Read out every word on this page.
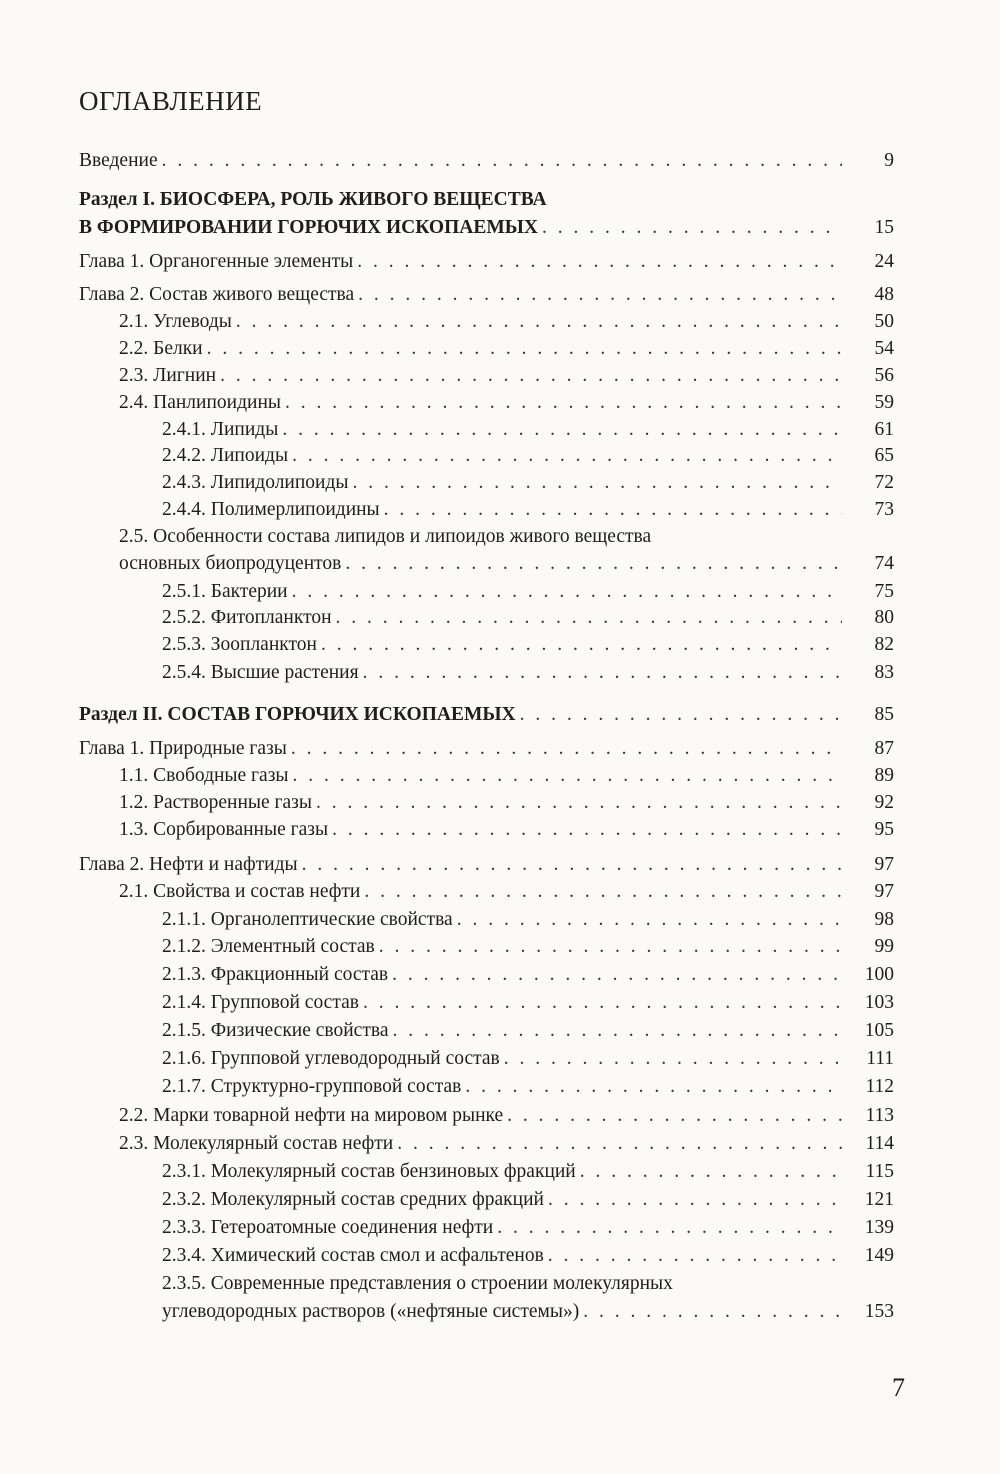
ОГЛАВЛЕНИЕ
Введение . . .	9
Раздел I. БИОСФЕРА, РОЛЬ ЖИВОГО ВЕЩЕСТВА
В ФОРМИРОВАНИИ ГОРЮЧИХ ИСКОПАЕМЫХ . . .	15
Глава 1. Органогенные элементы . . .	24
Глава 2. Состав живого вещества . . .	48
2.1. Углеводы . . .	50
2.2. Белки . . .	54
2.3. Лигнин . . .	56
2.4. Панлипоидины . . .	59
2.4.1. Липиды . . .	61
2.4.2. Липоиды . . .	65
2.4.3. Липидолипоиды . . .	72
2.4.4. Полимерлипоидины . . .	73
2.5. Особенности состава липидов и липоидов живого вещества
основных биопродуцентов . . .	74
2.5.1. Бактерии . . .	75
2.5.2. Фитопланктон . . .	80
2.5.3. Зоопланктон . . .	82
2.5.4. Высшие растения . . .	83
Раздел II. СОСТАВ ГОРЮЧИХ ИСКОПАЕМЫХ . . .	85
Глава 1. Природные газы . . .	87
1.1. Свободные газы . . .	89
1.2. Растворенные газы . . .	92
1.3. Сорбированные газы . . .	95
Глава 2. Нефти и нафтиды . . .	97
2.1. Свойства и состав нефти . . .	97
2.1.1. Органолептические свойства . . .	98
2.1.2. Элементный состав . . .	99
2.1.3. Фракционный состав . . .	100
2.1.4. Групповой состав . . .	103
2.1.5. Физические свойства . . .	105
2.1.6. Групповой углеводородный состав . . .	111
2.1.7. Структурно-групповой состав . . .	112
2.2. Марки товарной нефти на мировом рынке . . .	113
2.3. Молекулярный состав нефти . . .	114
2.3.1. Молекулярный состав бензиновых фракций . . .	115
2.3.2. Молекулярный состав средних фракций . . .	121
2.3.3. Гетероатомные соединения нефти . . .	139
2.3.4. Химический состав смол и асфальтенов . . .	149
2.3.5. Современные представления о строении молекулярных
углеводородных растворов («нефтяные системы») . . .	153
7
